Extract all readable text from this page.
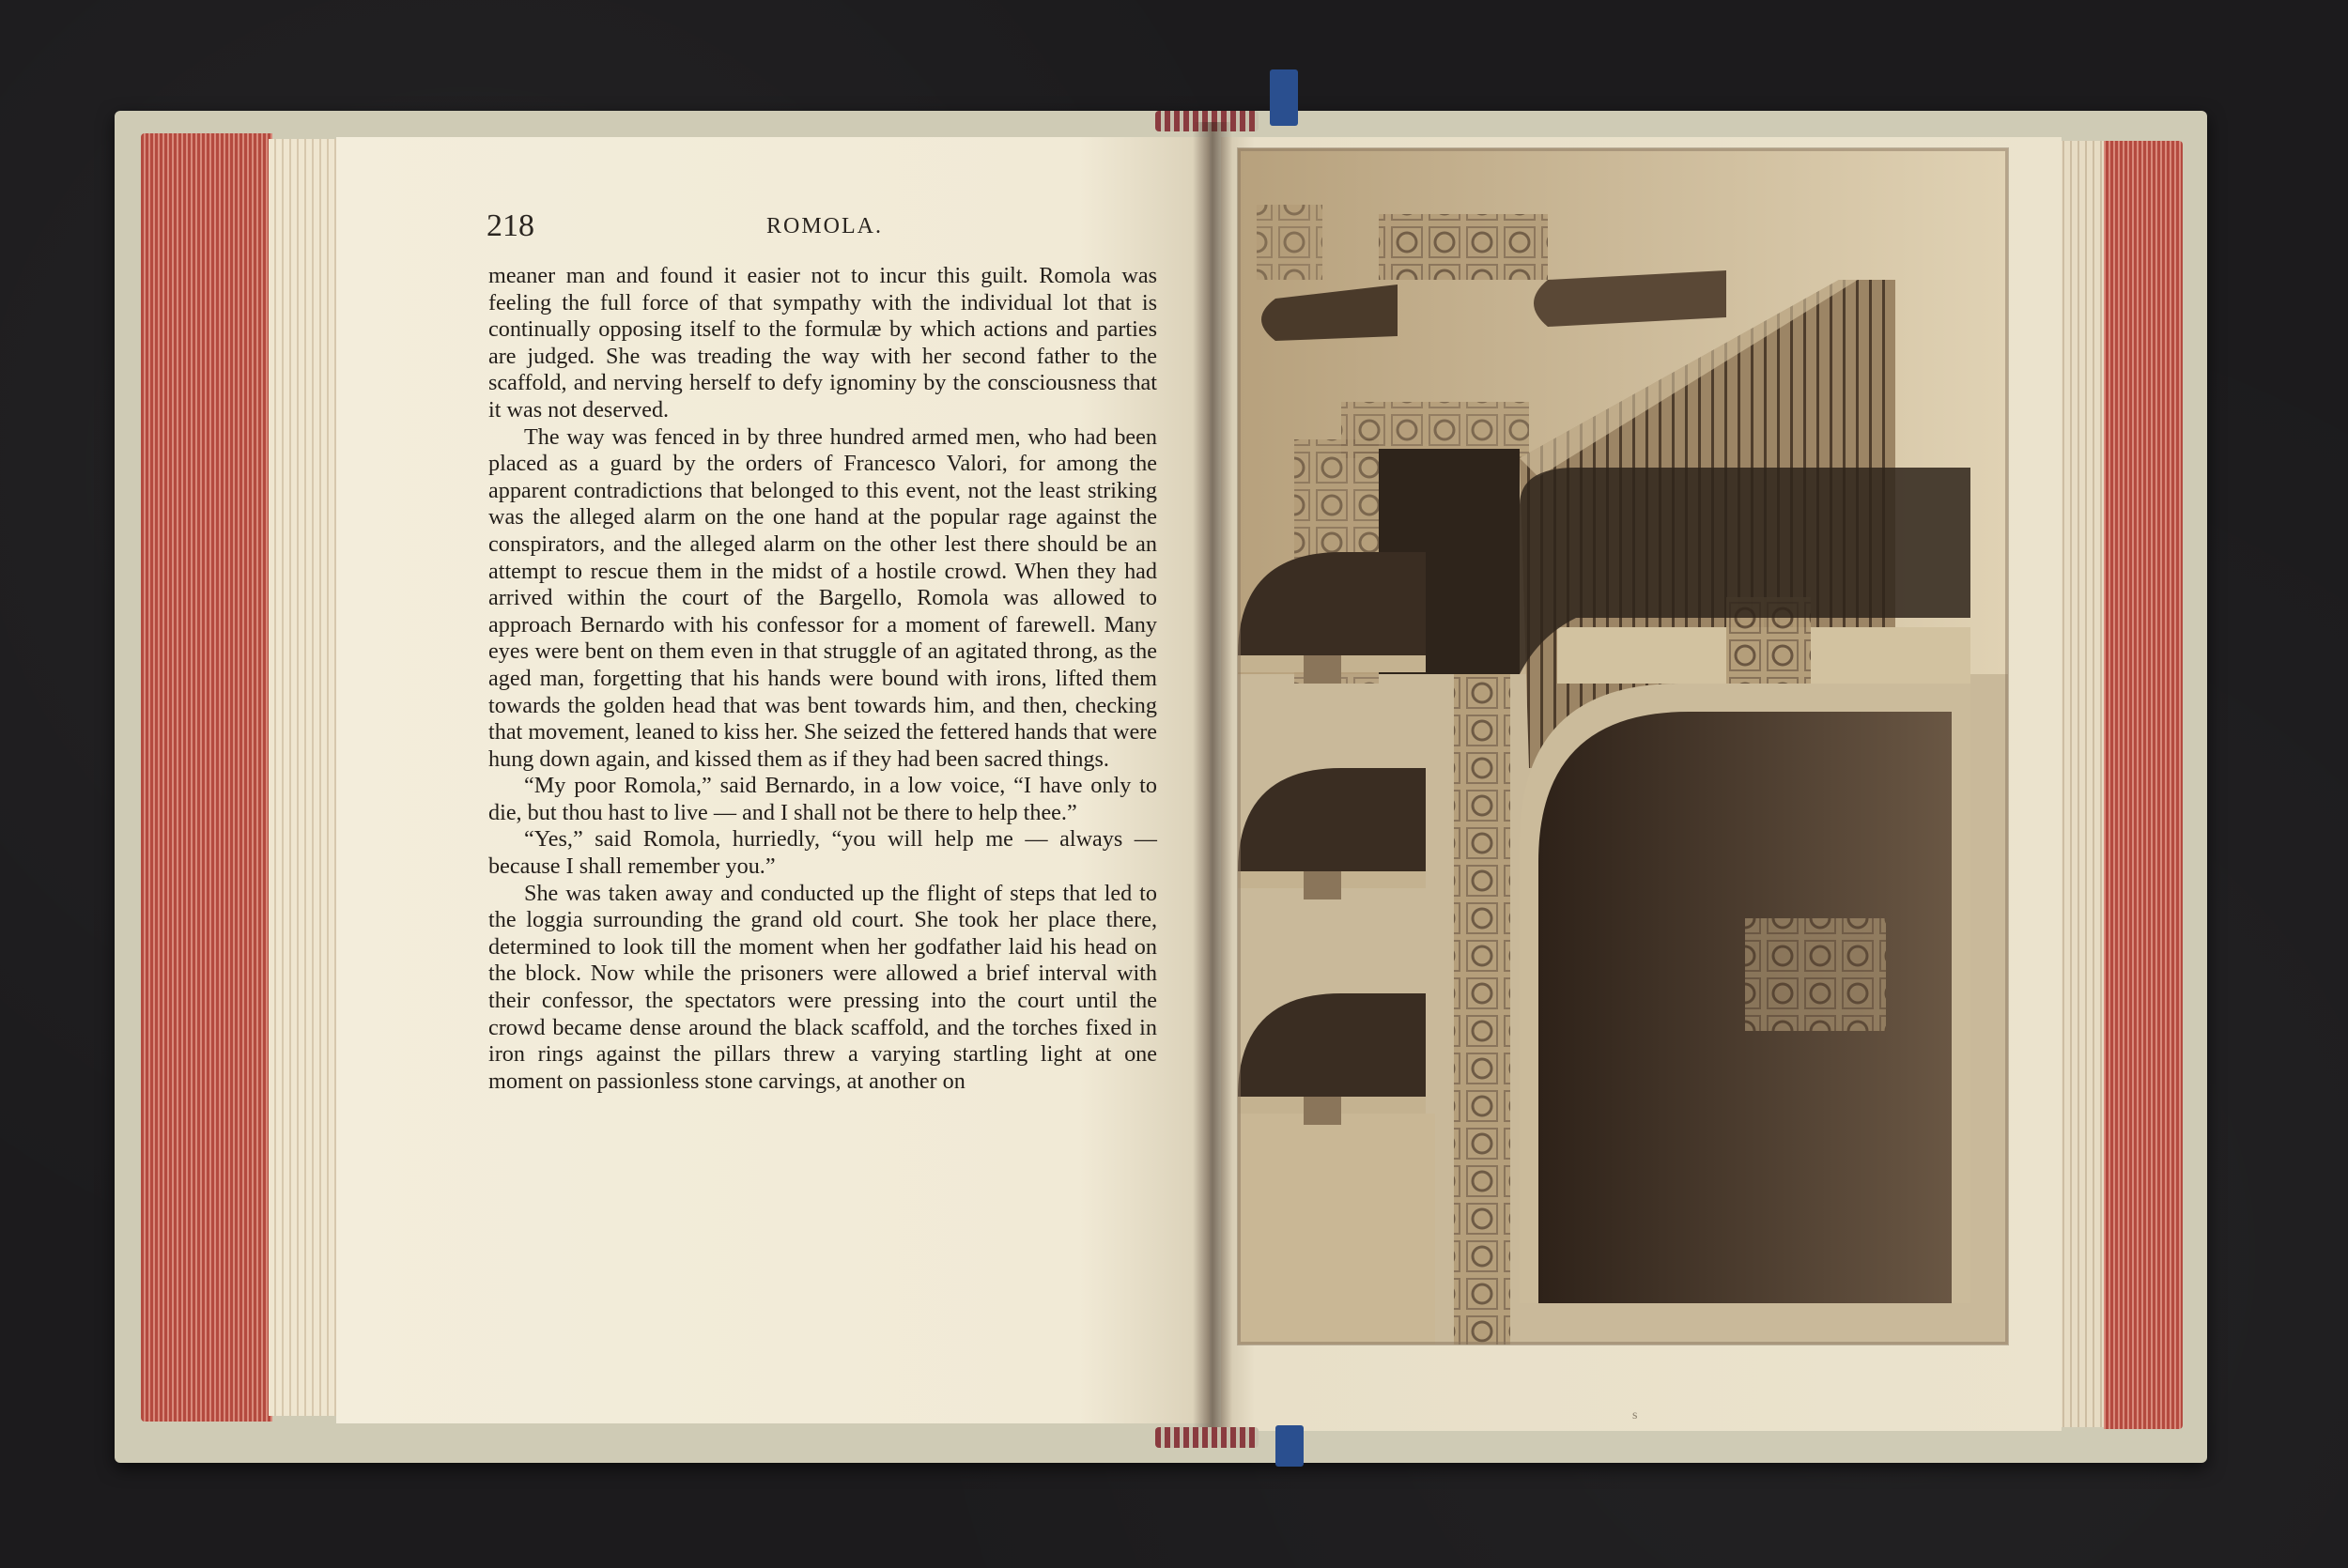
218	ROMOLA.

meaner man and found it easier not to incur this guilt. Romola was feeling the full force of that sympathy with the individual lot that is continually opposing itself to the formulæ by which actions and parties are judged. She was treading the way with her second father to the scaffold, and nerving herself to defy ignominy by the consciousness that it was not deserved.

The way was fenced in by three hundred armed men, who had been placed as a guard by the orders of Francesco Valori, for among the apparent contradictions that belonged to this event, not the least striking was the alleged alarm on the one hand at the popular rage against the conspirators, and the alleged alarm on the other lest there should be an attempt to rescue them in the midst of a hostile crowd. When they had arrived within the court of the Bargello, Romola was allowed to approach Bernardo with his confessor for a moment of farewell. Many eyes were bent on them even in that struggle of an agitated throng, as the aged man, forgetting that his hands were bound with irons, lifted them towards the golden head that was bent towards him, and then, checking that movement, leaned to kiss her. She seized the fettered hands that were hung down again, and kissed them as if they had been sacred things.

“My poor Romola,” said Bernardo, in a low voice, “I have only to die, but thou hast to live — and I shall not be there to help thee.”

“Yes,” said Romola, hurriedly, “you will help me — always — because I shall remember you.”

She was taken away and conducted up the flight of steps that led to the loggia surrounding the grand old court. She took her place there, determined to look till the moment when her godfather laid his head on the block. Now while the prisoners were allowed a brief interval with their confessor, the spectators were pressing into the court until the crowd became dense around the black scaffold, and the torches fixed in iron rings against the pillars threw a varying startling light at one moment on passionless stone carvings, at another on

s
